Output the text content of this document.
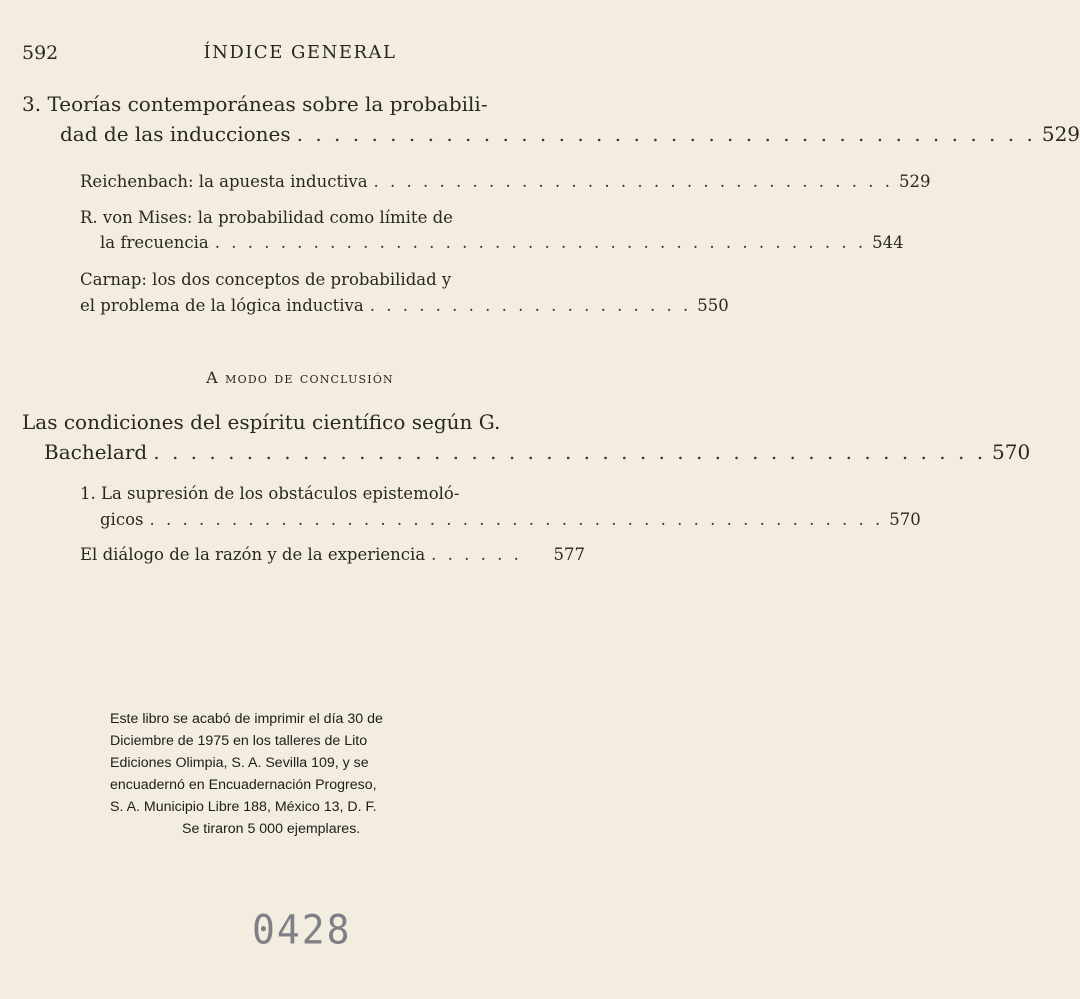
592	ÍNDICE GENERAL
3. Teorías contemporáneas sobre la probabili-
dad de las inducciones . . . . . . . . . . . . . . . . . . . . . . . . . . . . . . . . . . . . . . . . 529
Reichenbach: la apuesta inductiva . . . . . . . . . . . . . . . . . . . . . . . . . . . . . . . . 529
R. von Mises: la probabilidad como límite de
la frecuencia . . . . . . . . . . . . . . . . . . . . . . . . . . . . . . . . . . . . . . . . 544
Carnap: los dos conceptos de probabilidad y
el problema de la lógica inductiva . . . . . . . . . . . . . . . . . . . . 550
A modo de conclusión
Las condiciones del espíritu científico según G.
Bachelard . . . . . . . . . . . . . . . . . . . . . . . . . . . . . . . . . . . . . . . . . . . . . 570
1. La supresión de los obstáculos epistemoló-
gicos . . . . . . . . . . . . . . . . . . . . . . . . . . . . . . . . . . . . . . . . . . . . . 570
El diálogo de la razón y de la experiencia . . . . . .	577
Este libro se acabó de imprimir el día 30 de
Diciembre de 1975 en los talleres de Lito
Ediciones Olimpia, S. A. Sevilla 109, y se
encuadernó en Encuadernación Progreso,
S. A. Municipio Libre 188, México 13, D. F.
Se tiraron 5 000 ejemplares.
0428
